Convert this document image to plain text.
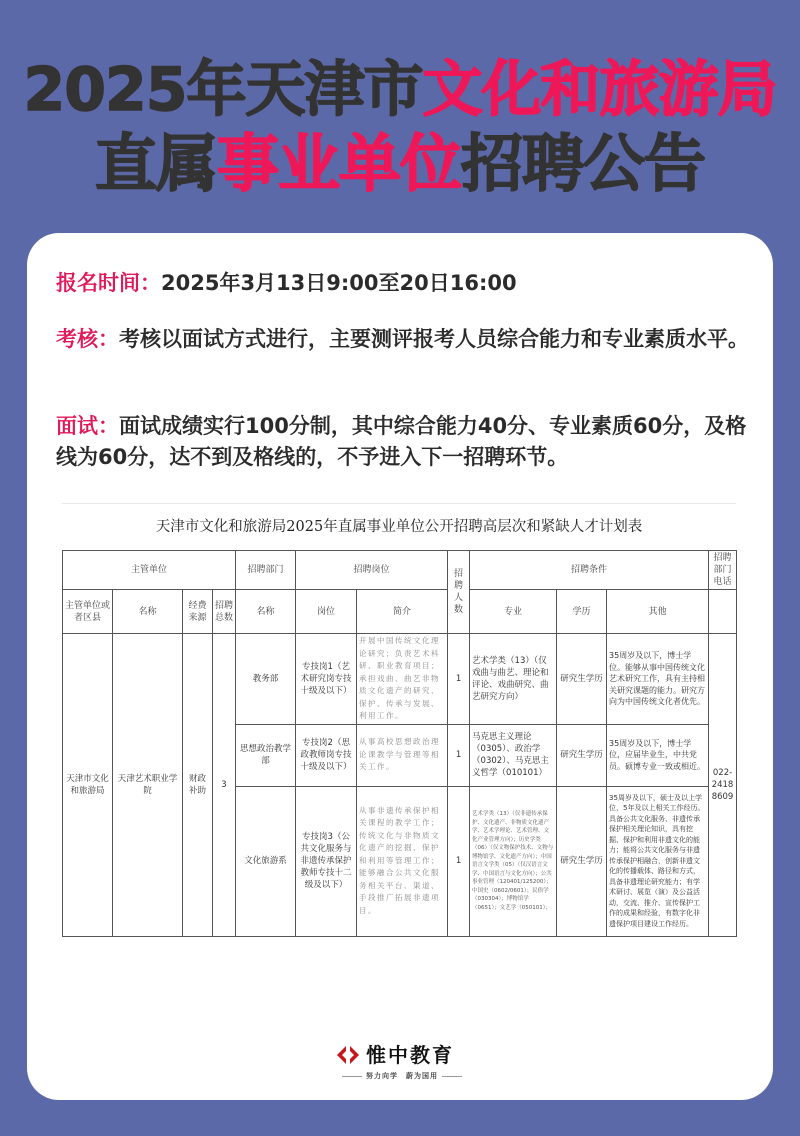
2025年天津市文化和旅游局
直属事业单位招聘公告
报名时间：2025年3月13日9:00至20日16:00
考核：考核以面试方式进行，主要测评报考人员综合能力和专业素质水平。
面试：面试成绩实行100分制，其中综合能力40分、专业素质60分，及格线为60分，达不到及格线的，不予进入下一招聘环节。
天津市文化和旅游局2025年直属事业单位公开招聘高层次和紧缺人才计划表
主管单位				招聘部门	招聘岗位		招聘人数	招聘条件			招聘部门电话
主管单位或者区县	名称	经费来源	招聘总数	名称	岗位	简介		专业	学历	其他	
天津市文化和旅游局	天津艺术职业学院	财政补助	3	教务部	专技岗1（艺术研究岗专技十级及以下）	开展中国传统文化理论研究；负责艺术科研、职业教育项目；承担戏曲、曲艺非物质文化遗产的研究、保护、传承与发展、利用工作。	1	艺术学类（13）（仅戏曲与曲艺、理论和评论、戏曲研究、曲艺研究方向）	研究生学历	35周岁及以下，博士学位。能够从事中国传统文化艺术研究工作，具有主持相关研究课题的能力。研究方向为中国传统文化者优先。	022-24188609
				思想政治教学部	专技岗2（思政教师岗专技十级及以下）	从事高校思想政治理论课教学与管理等相关工作。	1	马克思主义理论（0305）、政治学（0302）、马克思主义哲学（010101）	研究生学历	35周岁及以下，博士学位，应届毕业生，中共党员。硕博专业一致或相近。	
				文化旅游系	专技岗3（公共文化服务与非遗传承保护教师专技十二级及以下）	从事非遗传承保护相关课程的教学工作；传统文化与非物质文化遗产的挖掘、保护和利用等管理工作；能够融合公共文化服务相关平台、渠道、手段推广拓展非遗项目。	1	艺术学类（13）（仅非遗传承保护、文化遗产、非物质文化遗产学、艺术学理论、艺术管理、文化产业管理方向）；历史学类（06）（仅文物保护技术、文物与博物馆学、文化遗产方向）；中国语言文学类（05）（仅汉语言文学、中国语言与文化方向）；公共事业管理（120401/125200）；中国史（0602/0601）；民俗学（030304）；博物馆学（0651）；文艺学（050101）；	研究生学历	35周岁及以下，硕士及以上学位，5年及以上相关工作经历。具备公共文化服务、非遗传承保护相关理论知识，具有挖掘、保护和利用非遗文化的能力；能将公共文化服务与非遗传承保护相融合，创新非遗文化的传播载体、路径和方式，具备非遗理论研究能力；有学术研讨、展览（演）及公益活动，交流、推介、宣传保护工作的成果和经验，有数字化非遗保护项目建设工作经历。	
惟中教育
努力向学　蔚为国用
